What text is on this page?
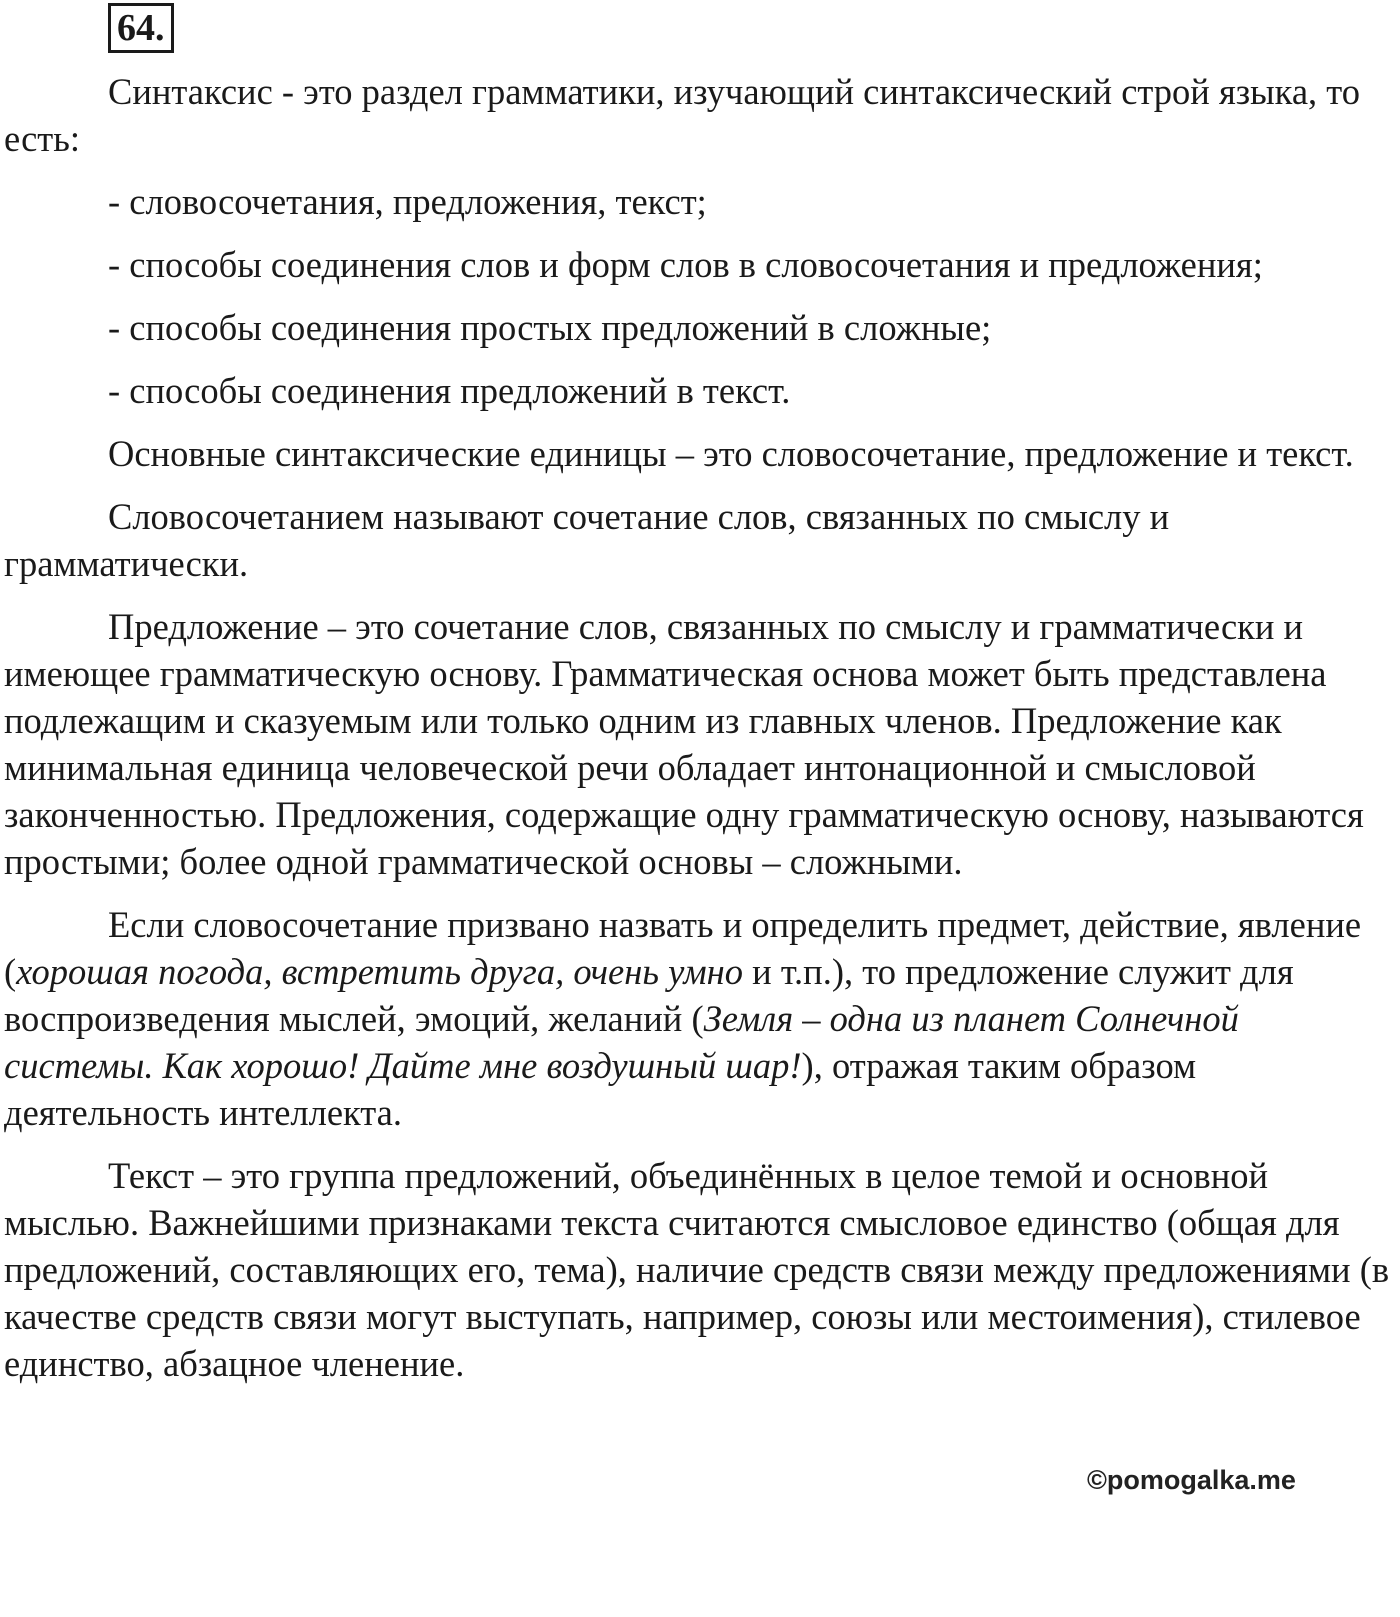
64.

Синтаксис - это раздел грамматики, изучающий синтаксический строй языка, то есть:

- словосочетания, предложения, текст;

- способы соединения слов и форм слов в словосочетания и предложения;

- способы соединения простых предложений в сложные;

- способы соединения предложений в текст.

Основные синтаксические единицы – это словосочетание, предложение и текст.

Словосочетанием называют сочетание слов, связанных по смыслу и грамматически.

Предложение – это сочетание слов, связанных по смыслу и грамматически и имеющее грамматическую основу. Грамматическая основа может быть представлена подлежащим и сказуемым или только одним из главных членов. Предложение как минимальная единица человеческой речи обладает интонационной и смысловой законченностью. Предложения, содержащие одну грамматическую основу, называются простыми; более одной грамматической основы – сложными.

Если словосочетание призвано назвать и определить предмет, действие, явление (хорошая погода, встретить друга, очень умно и т.п.), то предложение служит для воспроизведения мыслей, эмоций, желаний (Земля – одна из планет Солнечной системы. Как хорошо! Дайте мне воздушный шар!), отражая таким образом деятельность интеллекта.

Текст – это группа предложений, объединённых в целое темой и основной мыслью. Важнейшими признаками текста считаются смысловое единство (общая для предложений, составляющих его, тема), наличие средств связи между предложениями (в качестве средств связи могут выступать, например, союзы или местоимения), стилевое единство, абзацное членение.

©pomogalka.me
